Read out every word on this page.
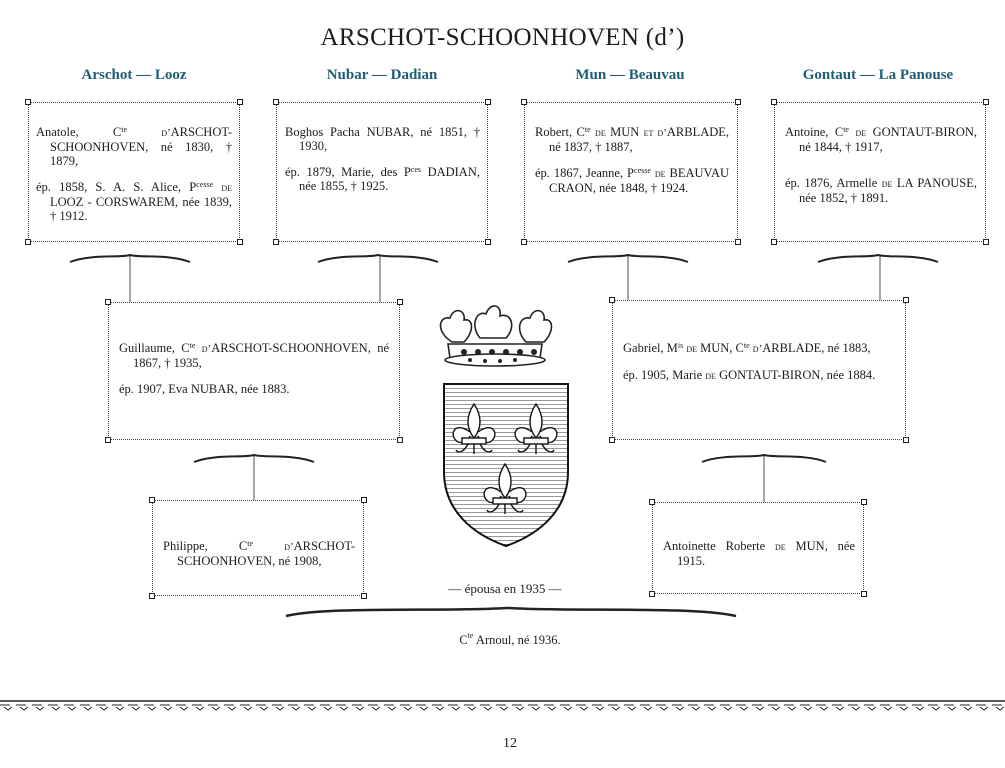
ARSCHOT-SCHOONHOVEN (d’)
Arschot — Looz	Nubar — Dadian	Mun — Beauvau	Gontaut — La Panouse

Anatole, $C^{te}$	d’ARSCHOT-SCHOONHOVEN, né 1830, † 1879,

ép. 1858, S. A. S. Alice, $P^{cesse}$ de LOOZ - CORSWAREM, née 1839, † 1912.

Boghos Pacha NUBAR, né 1851, † 1930,

ép. 1879, Marie, des $P^{ces}$ DADIAN, née 1855, † 1925.

Robert, $C^{te}$ de MUN et d’ARBLADE, né 1837, † 1887,

ép. 1867, Jeanne, $P^{cesse}$ de BEAUVAU CRAON, née 1848, † 1924.

Antoine, $C^{te}$ de GONTAUT-BIRON, né 1844, † 1917,

ép. 1876, Armelle de LA PANOUSE, née 1852, † 1891.

Guillaume, $C^{te}$ d’ARSCHOT-SCHOONHOVEN, né 1867, † 1935,

ép. 1907, Eva NUBAR, née 1883.

Gabriel, $M^{is}$ de MUN, $C^{te}$ d’ARBLADE, né 1883,

ép. 1905, Marie de GONTAUT-BIRON, née 1884.

Philippe, $C^{te}$	d’ARSCHOT-SCHOONHOVEN, né 1908,

Antoinette Roberte de MUN, née 1915.

— épousa en 1935 —
$C^{te}$ Arnoul, né 1936.
12
